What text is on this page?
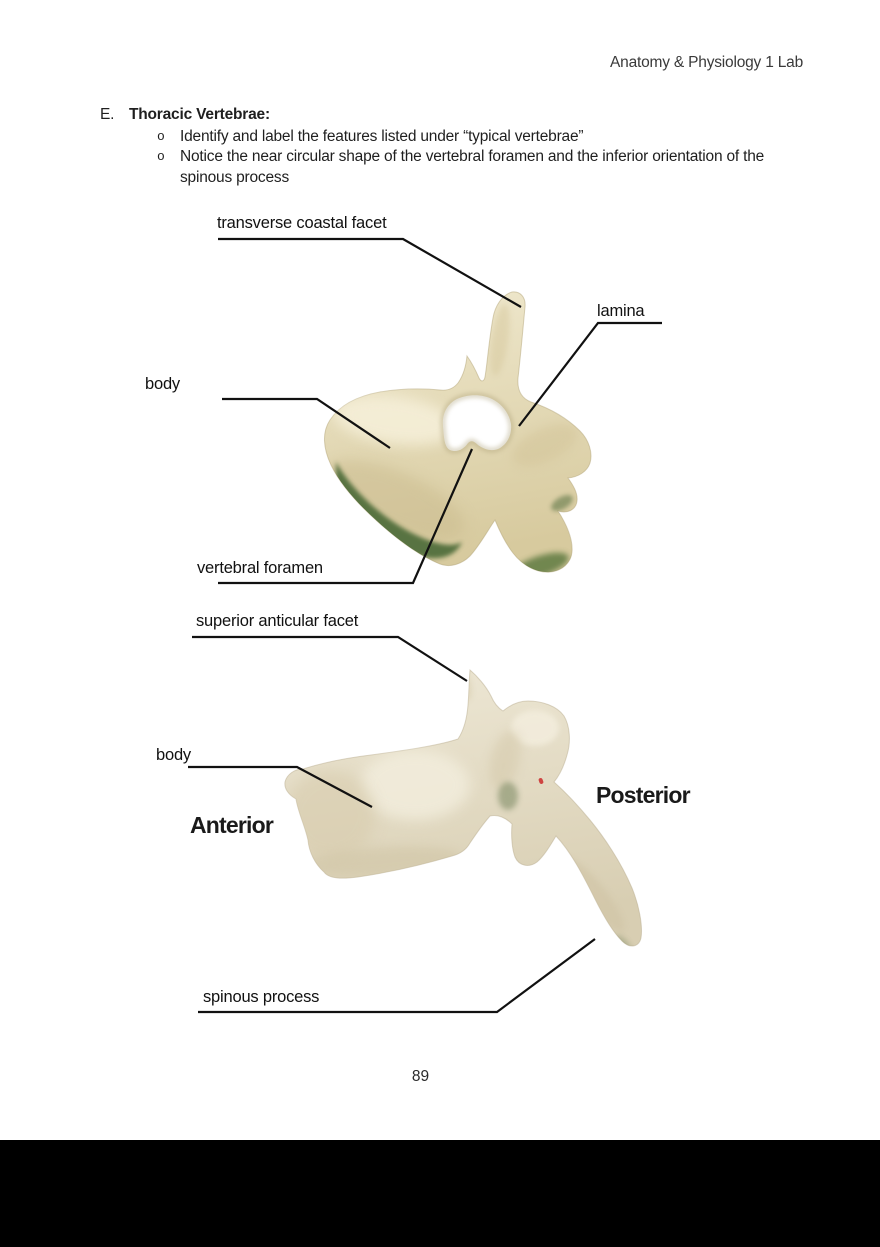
Anatomy & Physiology 1 Lab
E. Thoracic Vertebrae:
o Identify and label the features listed under “typical vertebrae”
o Notice the near circular shape of the vertebral foramen and the inferior orientation of the spinous process
transverse coastal facet
lamina
body
vertebral foramen
superior anticular facet
body
Anterior
Posterior
spinous process
89
